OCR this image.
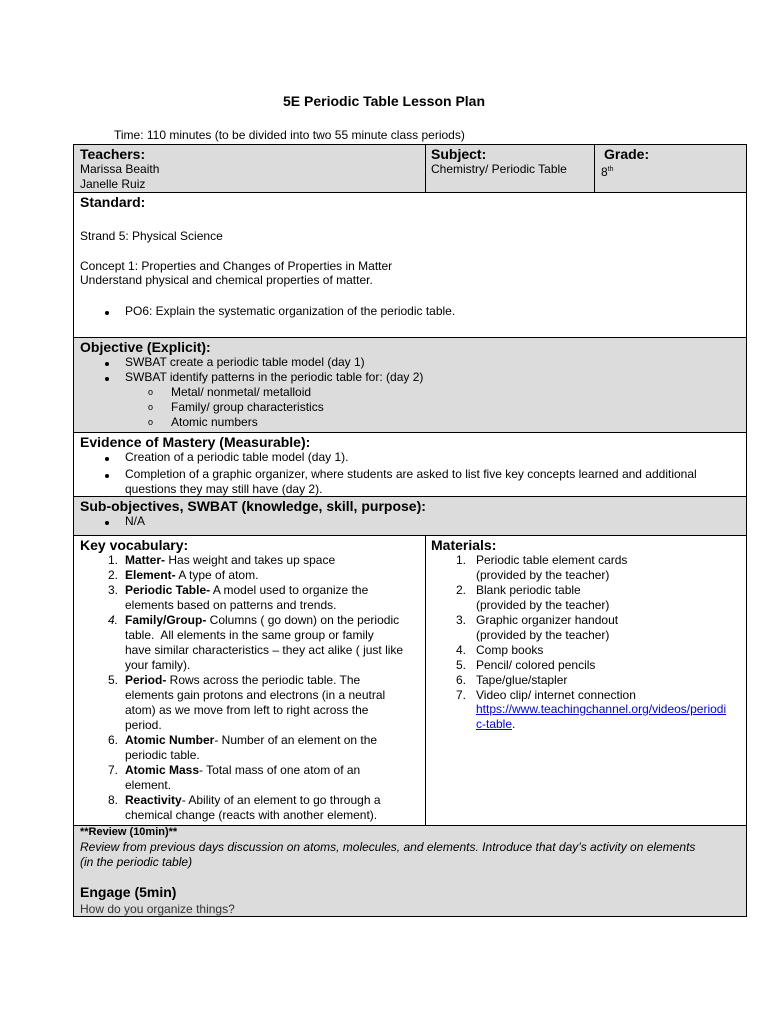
5E Periodic Table Lesson Plan
Time: 110 minutes (to be divided into two 55 minute class periods)
Teachers:
Marissa Beaith
Janelle Ruiz
Subject:
Chemistry/ Periodic Table
Grade:
8th
Standard:
Strand 5: Physical Science
Concept 1: Properties and Changes of Properties in Matter
Understand physical and chemical properties of matter.
PO6: Explain the systematic organization of the periodic table.
Objective (Explicit):
SWBAT create a periodic table model (day 1)
SWBAT identify patterns in the periodic table for: (day 2)
o Metal/ nonmetal/ metalloid
o Family/ group characteristics
o Atomic numbers
Evidence of Mastery (Measurable):
Creation of a periodic table model (day 1).
Completion of a graphic organizer, where students are asked to list five key concepts learned and additional
questions they may still have (day 2).
Sub-objectives, SWBAT (knowledge, skill, purpose):
N/A
Key vocabulary:
1. Matter- Has weight and takes up space
2. Element- A type of atom.
3. Periodic Table- A model used to organize the
elements based on patterns and trends.
4. Family/Group- Columns ( go down) on the periodic
table.  All elements in the same group or family
have similar characteristics – they act alike ( just like
your family).
5. Period- Rows across the periodic table. The
elements gain protons and electrons (in a neutral
atom) as we move from left to right across the
period.
6. Atomic Number- Number of an element on the
periodic table.
7. Atomic Mass- Total mass of one atom of an
element.
8. Reactivity- Ability of an element to go through a
chemical change (reacts with another element).
Materials:
1. Periodic table element cards
(provided by the teacher)
2. Blank periodic table
(provided by the teacher)
3. Graphic organizer handout
(provided by the teacher)
4. Comp books
5. Pencil/ colored pencils
6. Tape/glue/stapler
7. Video clip/ internet connection
https://www.teachingchannel.org/videos/periodi
c-table.
**Review (10min)**
Review from previous days discussion on atoms, molecules, and elements. Introduce that day’s activity on elements
(in the periodic table)
Engage (5min)
How do you organize things?
